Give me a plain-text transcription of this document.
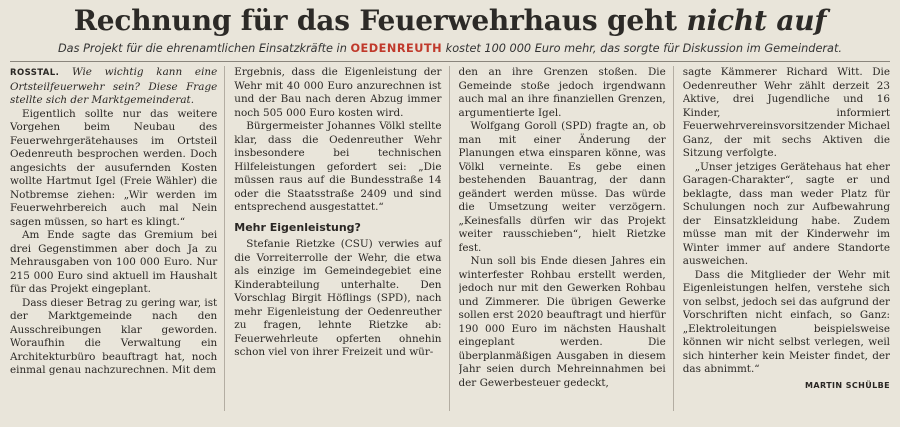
Rechnung für das Feuerwehrhaus geht nicht auf
Das Projekt für die ehrenamtlichen Einsatzkräfte in OEDENREUTH kostet 100 000 Euro mehr, das sorgte für Diskussion im Gemeinderat.

ROSSTAL. Wie wichtig kann eine Ortsteilfeuerwehr sein? Diese Frage stellte sich der Marktgemeinderat.

Eigentlich sollte nur das weitere Vorgehen beim Neubau des Feuerwehrgerätehauses im Ortsteil Oedenreuth besprochen werden. Doch angesichts der ausufernden Kosten wollte Hartmut Igel (Freie Wähler) die Notbremse ziehen: „Wir werden im Feuerwehrbereich auch mal Nein sagen müssen, so hart es klingt.“

Am Ende sagte das Gremium bei drei Gegenstimmen aber doch Ja zu Mehrausgaben von 100 000 Euro. Nur 215 000 Euro sind aktuell im Haushalt für das Projekt eingeplant.

Dass dieser Betrag zu gering war, ist der Marktgemeinde nach den Ausschreibungen klar geworden. Woraufhin die Verwaltung ein Architekturbüro beauftragt hat, noch einmal genau nachzurechnen. Mit dem

Ergebnis, dass die Eigenleistung der Wehr mit 40 000 Euro anzurechnen ist und der Bau nach deren Abzug immer noch 505 000 Euro kosten wird.

Bürgermeister Johannes Völkl stellte klar, dass die Oedenreuther Wehr insbesondere bei technischen Hilfeleistungen gefordert sei: „Die müssen raus auf die Bundesstraße 14 oder die Staatsstraße 2409 und sind entsprechend ausgestattet.“

Mehr Eigenleistung?

Stefanie Rietzke (CSU) verwies auf die Vorreiterrolle der Wehr, die etwa als einzige im Gemeindegebiet eine Kinderabteilung unterhalte. Den Vorschlag Birgit Höflings (SPD), nach mehr Eigenleistung der Oedenreuther zu fragen, lehnte Rietzke ab: Feuerwehrleute opferten ohnehin schon viel von ihrer Freizeit und wür-

den an ihre Grenzen stoßen. Die Gemeinde stoße jedoch irgendwann auch mal an ihre finanziellen Grenzen, argumentierte Igel.

Wolfgang Goroll (SPD) fragte an, ob man mit einer Änderung der Planungen etwa einsparen könne, was Völkl verneinte. Es gebe einen bestehenden Bauantrag, der dann geändert werden müsse. Das würde die Umsetzung weiter verzögern. „Keinesfalls dürfen wir das Projekt weiter rausschieben“, hielt Rietzke fest.

Nun soll bis Ende diesen Jahres ein winterfester Rohbau erstellt werden, jedoch nur mit den Gewerken Rohbau und Zimmerer. Die übrigen Gewerke sollen erst 2020 beauftragt und hierfür 190 000 Euro im nächsten Haushalt eingeplant werden. Die überplanmäßigen Ausgaben in diesem Jahr seien durch Mehreinnahmen bei der Gewerbesteuer gedeckt,

sagte Kämmerer Richard Witt. Die Oedenreuther Wehr zählt derzeit 23 Aktive, drei Jugendliche und 16 Kinder, informiert Feuerwehrvereinsvorsitzender Michael Ganz, der mit sechs Aktiven die Sitzung verfolgte.

„Unser jetziges Gerätehaus hat eher Garagen-Charakter“, sagte er und beklagte, dass man weder Platz für Schulungen noch zur Aufbewahrung der Einsatzkleidung habe. Zudem müsse man mit der Kinderwehr im Winter immer auf andere Standorte ausweichen.

Dass die Mitglieder der Wehr mit Eigenleistungen helfen, verstehe sich von selbst, jedoch sei das aufgrund der Vorschriften nicht einfach, so Ganz: „Elektroleitungen beispielsweise können wir nicht selbst verlegen, weil sich hinterher kein Meister findet, der das abnimmt.“

MARTIN SCHÜLBE
